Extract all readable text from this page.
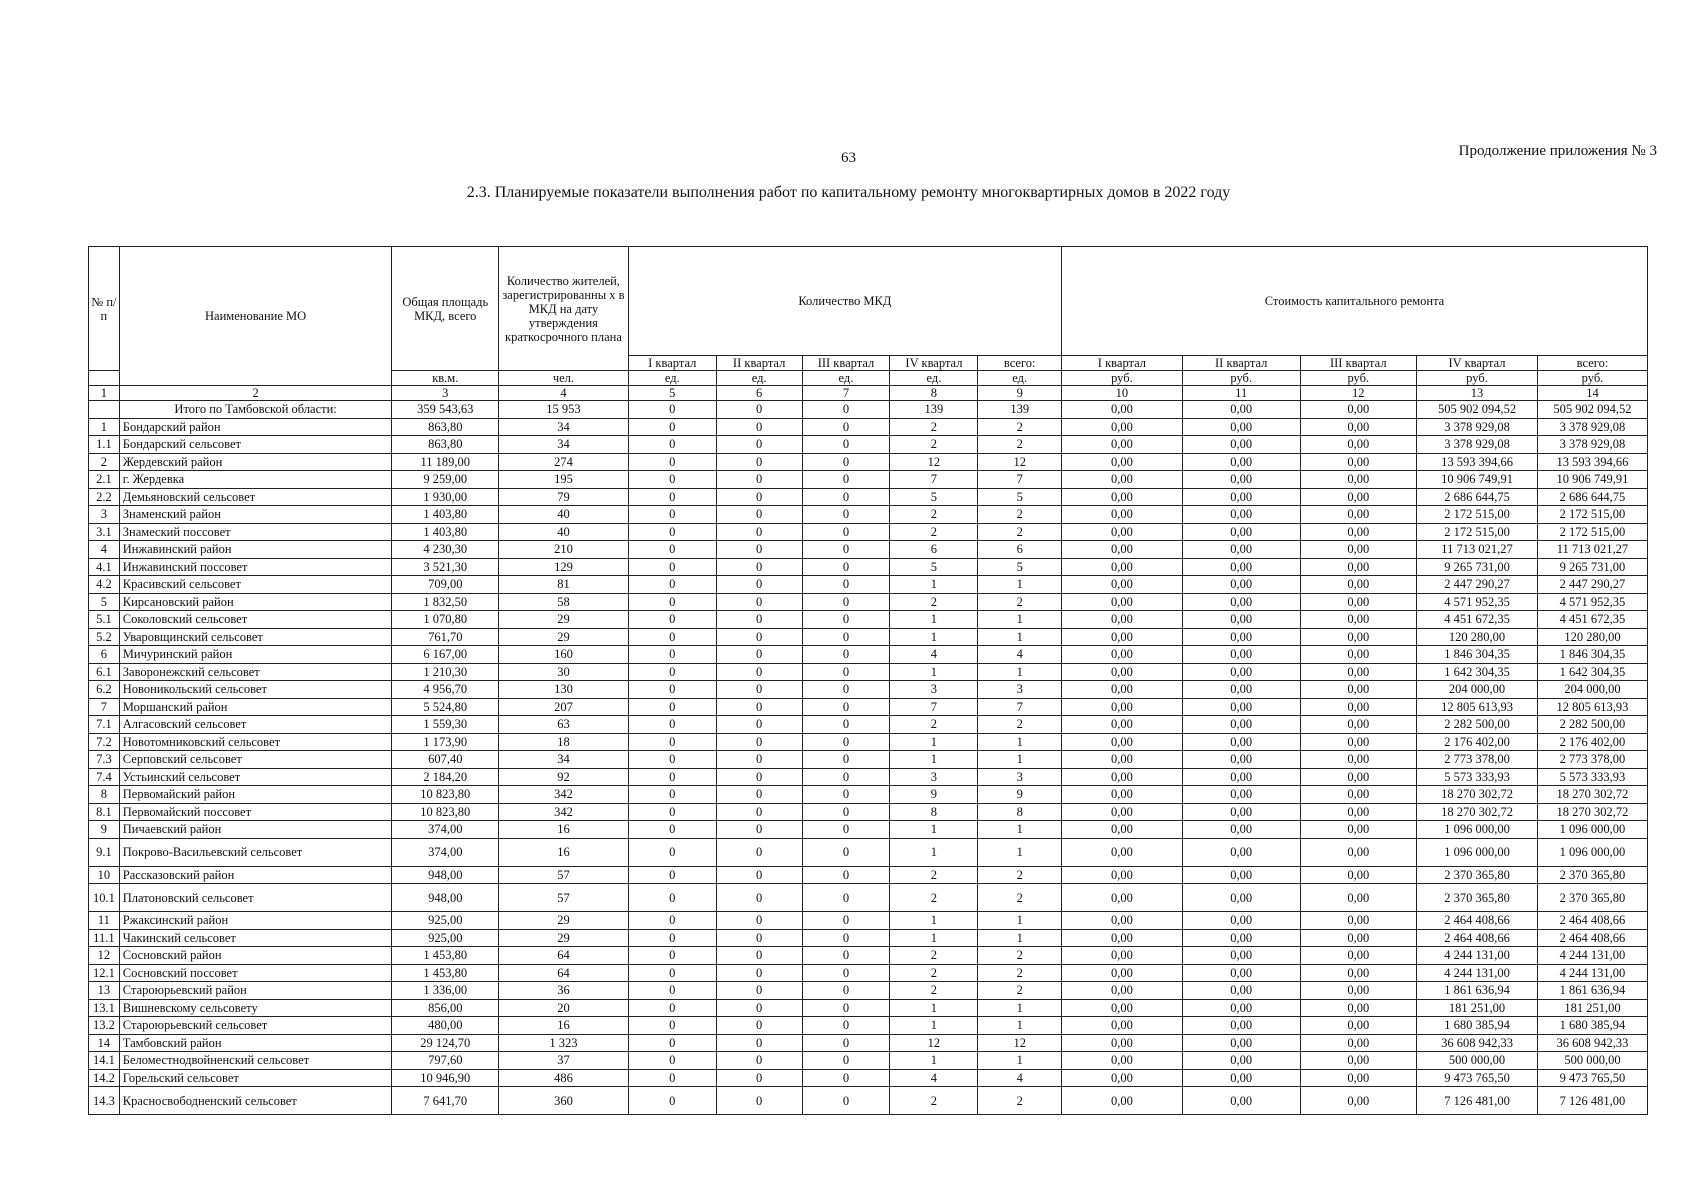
63	Продолжение приложения № 3
2.3. Планируемые показатели выполнения работ по капитальному ремонту многоквартирных домов в 2022 году
№ п/п	Наименование МО	Общая площадь МКД, всего	Количество жителей, зарегистрированны х в МКД на дату утверждения краткосрочного плана	Количество МКД					Стоимость капитального ремонта				
				I квартал	II квартал	III квартал	IV квартал	всего:	I квартал	II квартал	III квартал	IV квартал	всего:
		кв.м.	чел.	ед.	ед.	ед.	ед.	ед.	руб.	руб.	руб.	руб.	руб.
1	2	3	4	5	6	7	8	9	10	11	12	13	14
	Итого по Тамбовской области:	359 543,63	15 953	0	0	0	139	139	0,00	0,00	0,00	505 902 094,52	505 902 094,52
1	Бондарский район	863,80	34	0	0	0	2	2	0,00	0,00	0,00	3 378 929,08	3 378 929,08
1.1	Бондарский сельсовет	863,80	34	0	0	0	2	2	0,00	0,00	0,00	3 378 929,08	3 378 929,08
2	Жердевский район	11 189,00	274	0	0	0	12	12	0,00	0,00	0,00	13 593 394,66	13 593 394,66
2.1	г. Жердевка	9 259,00	195	0	0	0	7	7	0,00	0,00	0,00	10 906 749,91	10 906 749,91
2.2	Демьяновский сельсовет	1 930,00	79	0	0	0	5	5	0,00	0,00	0,00	2 686 644,75	2 686 644,75
3	Знаменский район	1 403,80	40	0	0	0	2	2	0,00	0,00	0,00	2 172 515,00	2 172 515,00
3.1	Знамеский поссовет	1 403,80	40	0	0	0	2	2	0,00	0,00	0,00	2 172 515,00	2 172 515,00
4	Инжавинский район	4 230,30	210	0	0	0	6	6	0,00	0,00	0,00	11 713 021,27	11 713 021,27
4.1	Инжавинский поссовет	3 521,30	129	0	0	0	5	5	0,00	0,00	0,00	9 265 731,00	9 265 731,00
4.2	Красивский сельсовет	709,00	81	0	0	0	1	1	0,00	0,00	0,00	2 447 290,27	2 447 290,27
5	Кирсановский район	1 832,50	58	0	0	0	2	2	0,00	0,00	0,00	4 571 952,35	4 571 952,35
5.1	Соколовский сельсовет	1 070,80	29	0	0	0	1	1	0,00	0,00	0,00	4 451 672,35	4 451 672,35
5.2	Уваровщинский сельсовет	761,70	29	0	0	0	1	1	0,00	0,00	0,00	120 280,00	120 280,00
6	Мичуринский район	6 167,00	160	0	0	0	4	4	0,00	0,00	0,00	1 846 304,35	1 846 304,35
6.1	Заворонежский сельсовет	1 210,30	30	0	0	0	1	1	0,00	0,00	0,00	1 642 304,35	1 642 304,35
6.2	Новоникольский сельсовет	4 956,70	130	0	0	0	3	3	0,00	0,00	0,00	204 000,00	204 000,00
7	Моршанский район	5 524,80	207	0	0	0	7	7	0,00	0,00	0,00	12 805 613,93	12 805 613,93
7.1	Алгасовский сельсовет	1 559,30	63	0	0	0	2	2	0,00	0,00	0,00	2 282 500,00	2 282 500,00
7.2	Новотомниковский сельсовет	1 173,90	18	0	0	0	1	1	0,00	0,00	0,00	2 176 402,00	2 176 402,00
7.3	Серповский сельсовет	607,40	34	0	0	0	1	1	0,00	0,00	0,00	2 773 378,00	2 773 378,00
7.4	Устьинский сельсовет	2 184,20	92	0	0	0	3	3	0,00	0,00	0,00	5 573 333,93	5 573 333,93
8	Первомайский район	10 823,80	342	0	0	0	9	9	0,00	0,00	0,00	18 270 302,72	18 270 302,72
8.1	Первомайский поссовет	10 823,80	342	0	0	0	8	8	0,00	0,00	0,00	18 270 302,72	18 270 302,72
9	Пичаевский район	374,00	16	0	0	0	1	1	0,00	0,00	0,00	1 096 000,00	1 096 000,00
9.1	Покрово-Васильевский сельсовет	374,00	16	0	0	0	1	1	0,00	0,00	0,00	1 096 000,00	1 096 000,00
10	Рассказовский район	948,00	57	0	0	0	2	2	0,00	0,00	0,00	2 370 365,80	2 370 365,80
10.1	Платоновский сельсовет	948,00	57	0	0	0	2	2	0,00	0,00	0,00	2 370 365,80	2 370 365,80
11	Ржаксинский район	925,00	29	0	0	0	1	1	0,00	0,00	0,00	2 464 408,66	2 464 408,66
11.1	Чакинский сельсовет	925,00	29	0	0	0	1	1	0,00	0,00	0,00	2 464 408,66	2 464 408,66
12	Сосновский район	1 453,80	64	0	0	0	2	2	0,00	0,00	0,00	4 244 131,00	4 244 131,00
12.1	Сосновский поссовет	1 453,80	64	0	0	0	2	2	0,00	0,00	0,00	4 244 131,00	4 244 131,00
13	Староюрьевский район	1 336,00	36	0	0	0	2	2	0,00	0,00	0,00	1 861 636,94	1 861 636,94
13.1	Вишневскому сельсовету	856,00	20	0	0	0	1	1	0,00	0,00	0,00	181 251,00	181 251,00
13.2	Староюрьевский сельсовет	480,00	16	0	0	0	1	1	0,00	0,00	0,00	1 680 385,94	1 680 385,94
14	Тамбовский район	29 124,70	1 323	0	0	0	12	12	0,00	0,00	0,00	36 608 942,33	36 608 942,33
14.1	Беломестнодвойненский сельсовет	797,60	37	0	0	0	1	1	0,00	0,00	0,00	500 000,00	500 000,00
14.2	Горельский сельсовет	10 946,90	486	0	0	0	4	4	0,00	0,00	0,00	9 473 765,50	9 473 765,50
14.3	Красносвободненский сельсовет	7 641,70	360	0	0	0	2	2	0,00	0,00	0,00	7 126 481,00	7 126 481,00
